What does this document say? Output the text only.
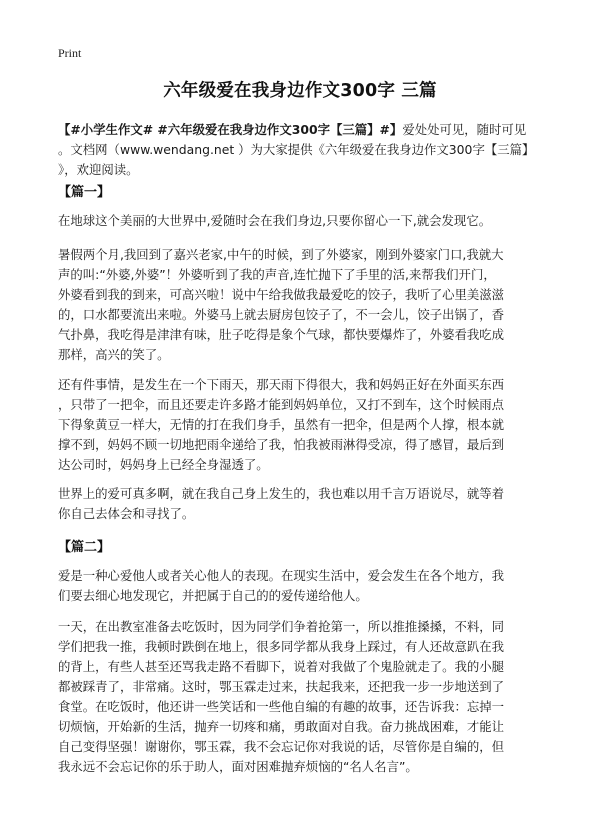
Print
六年级爱在我身边作文300字 三篇
【#小学生作文# #六年级爱在我身边作文300字【三篇】#】爱处处可见，随时可见
。文档网（www.wendang.net ）为大家提供《六年级爱在我身边作文300字【三篇】
》，欢迎阅读。
【篇一】
在地球这个美丽的大世界中,爱随时会在我们身边,只要你留心一下,就会发现它。
暑假两个月,我回到了嘉兴老家,中午的时候，到了外婆家，刚到外婆家门口,我就大
声的叫:“外婆,外婆”！外婆听到了我的声音,连忙抛下了手里的活,来帮我们开门，
外婆看到我的到来，可高兴啦！说中午给我做我最爱吃的饺子，我听了心里美滋滋
的，口水都要流出来啦。外婆马上就去厨房包饺子了，不一会儿，饺子出锅了，香
气扑鼻，我吃得是津津有味，肚子吃得是象个气球，都快要爆炸了，外婆看我吃成
那样，高兴的笑了。
还有件事情，是发生在一个下雨天，那天雨下得很大，我和妈妈正好在外面买东西
，只带了一把伞，而且还要走许多路才能到妈妈单位，又打不到车，这个时候雨点
下得象黄豆一样大，无情的打在我们身手，虽然有一把伞，但是两个人撑，根本就
撑不到，妈妈不顾一切地把雨伞递给了我，怕我被雨淋得受凉，得了感冒，最后到
达公司时，妈妈身上已经全身湿透了。
世界上的爱可真多啊，就在我自己身上发生的，我也难以用千言万语说尽，就等着
你自己去体会和寻找了。
【篇二】
爱是一种心爱他人或者关心他人的表现。在现实生活中，爱会发生在各个地方，我
们要去细心地发现它，并把属于自己的的爱传递给他人。
一天，在出教室准备去吃饭时，因为同学们争着抢第一，所以推推搡搡，不料，同
学们把我一推，我顿时跌倒在地上，很多同学都从我身上踩过，有人还故意趴在我
的背上，有些人甚至还骂我走路不看脚下，说着对我做了个鬼脸就走了。我的小腿
都被踩青了，非常痛。这时，鄂玉霖走过来，扶起我来，还把我一步一步地送到了
食堂。在吃饭时，他还讲一些笑话和一些他自编的有趣的故事，还告诉我：忘掉一
切烦恼，开始新的生活，抛弃一切疼和痛，勇敢面对自我。奋力挑战困难，才能让
自己变得坚强！谢谢你，鄂玉霖，我不会忘记你对我说的话，尽管你是自编的，但
我永远不会忘记你的乐于助人，面对困难抛弃烦恼的“名人名言”。
